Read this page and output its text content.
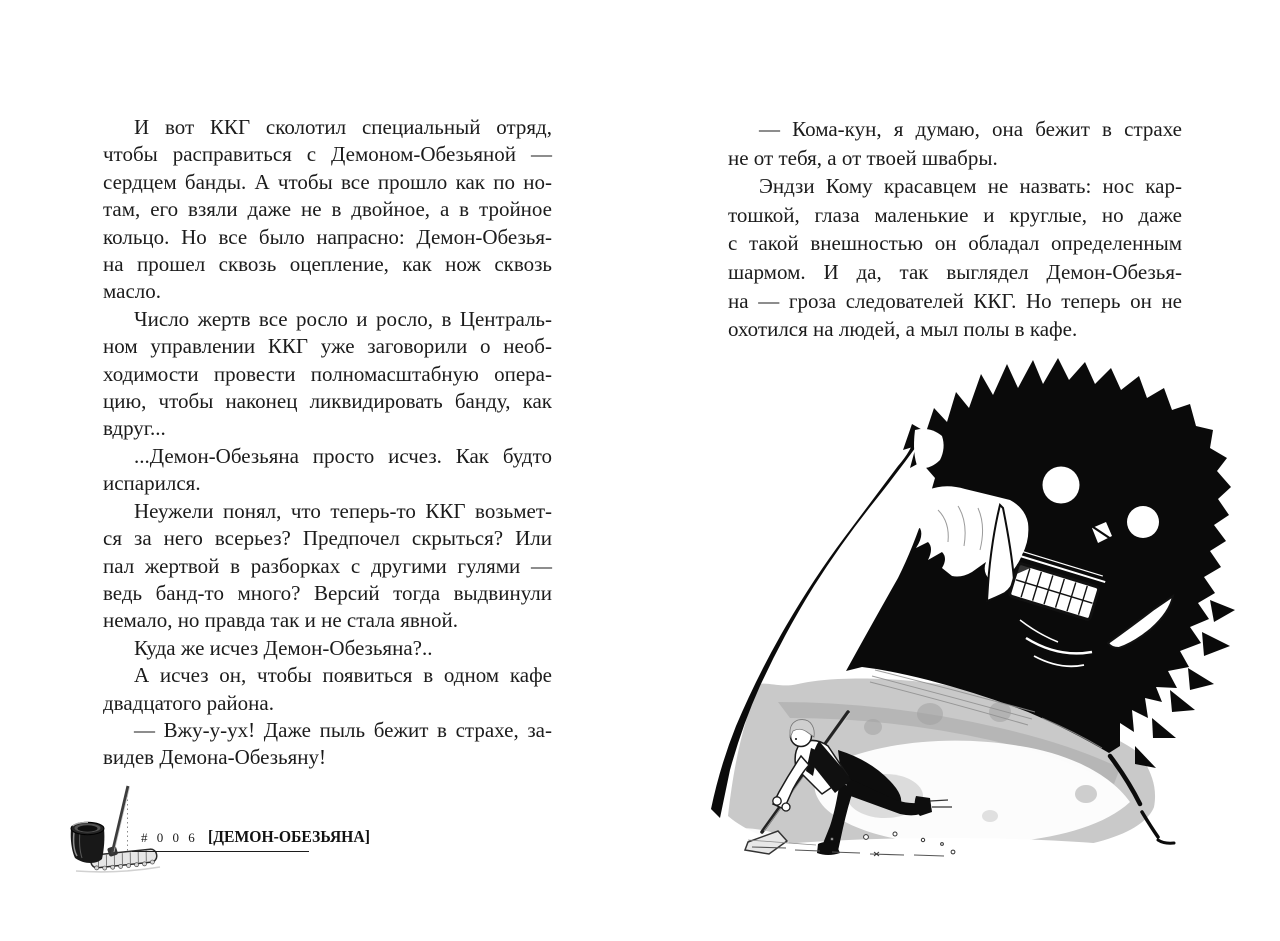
И вот ККГ сколотил специальный отряд,
чтобы расправиться с Демоном-Обезьяной —
сердцем банды. А чтобы все прошло как по но-
там, его взяли даже не в двойное, а в тройное
кольцо. Но все было напрасно: Демон-Обезья-
на прошел сквозь оцепление, как нож сквозь
масло.
Число жертв все росло и росло, в Централь-
ном управлении ККГ уже заговорили о необ-
ходимости провести полномасштабную опера-
цию, чтобы наконец ликвидировать банду, как
вдруг...
...Демон-Обезьяна просто исчез. Как будто
испарился.
Неужели понял, что теперь-то ККГ возьмет-
ся за него всерьез? Предпочел скрыться? Или
пал жертвой в разборках с другими гулями —
ведь банд-то много? Версий тогда выдвинули
немало, но правда так и не стала явной.
Куда же исчез Демон-Обезьяна?..
А исчез он, чтобы появиться в одном кафе
двадцатого района.
— Вжу-у-ух! Даже пыль бежит в страхе, за-
видев Демона-Обезьяну!
— Кома-кун, я думаю, она бежит в страхе
не от тебя, а от твоей швабры.
Эндзи Кому красавцем не назвать: нос кар-
тошкой, глаза маленькие и круглые, но даже
с такой внешностью он обладал определенным
шармом. И да, так выглядел Демон-Обезья-
на — гроза следователей ККГ. Но теперь он не
охотился на людей, а мыл полы в кафе.
# 0 0 6 [ДЕМОН-ОБЕЗЬЯНА]
